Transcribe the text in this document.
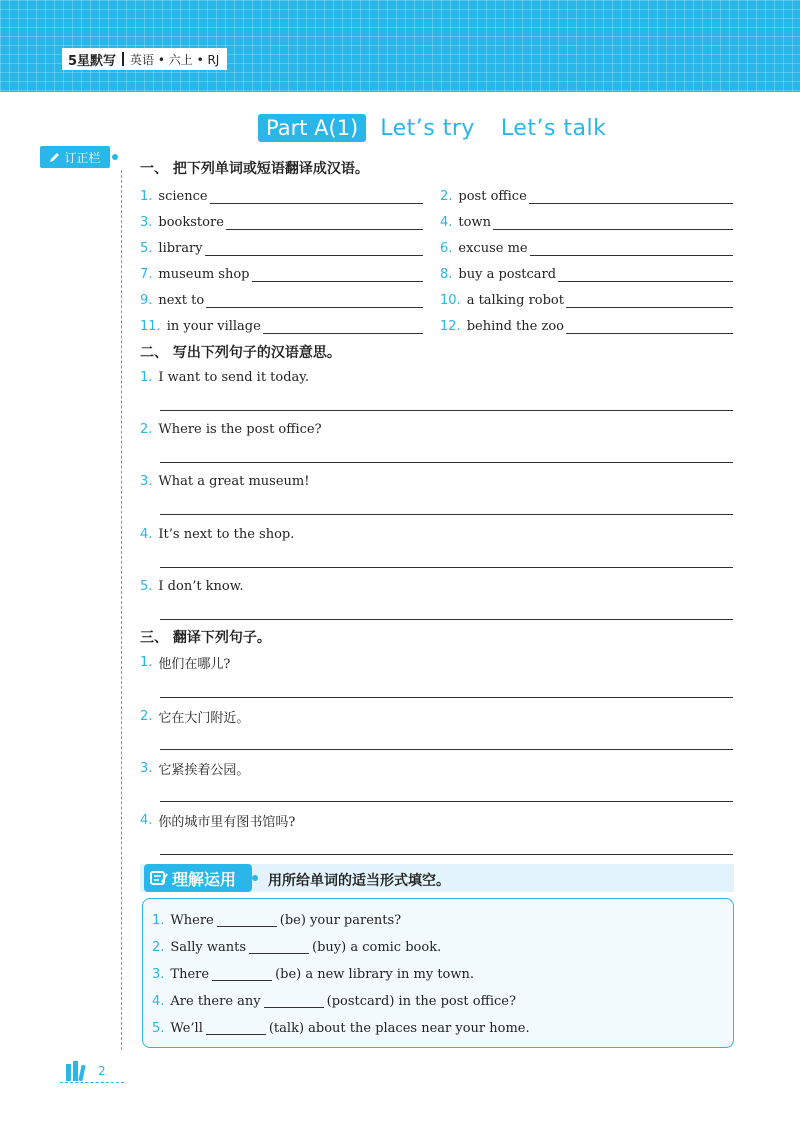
5星默写 英语 • 六上 • RJ
Part A(1)	Let’s try Let’s talk
订正栏
一、 把下列单词或短语翻译成汉语。
1. science	2. post office
3. bookstore	4. town
5. library	6. excuse me
7. museum shop	8. buy a postcard
9. next to	10. a talking robot
11. in your village	12. behind the zoo
二、 写出下列句子的汉语意思。
1. I want to send it today.
2. Where is the post office?
3. What a great museum!
4. It’s next to the shop.
5. I don’t know.
三、 翻译下列句子。
1. 他们在哪儿?
2. 它在大门附近。
3. 它紧挨着公园。
4. 你的城市里有图书馆吗?
理解运用 用所给单词的适当形式填空。
1. Where	(be) your parents?
2. Sally wants	(buy) a comic book.
3. There	(be) a new library in my town.
4. Are there any	(postcard) in the post office?
5. We’ll	(talk) about the places near your home.
2
